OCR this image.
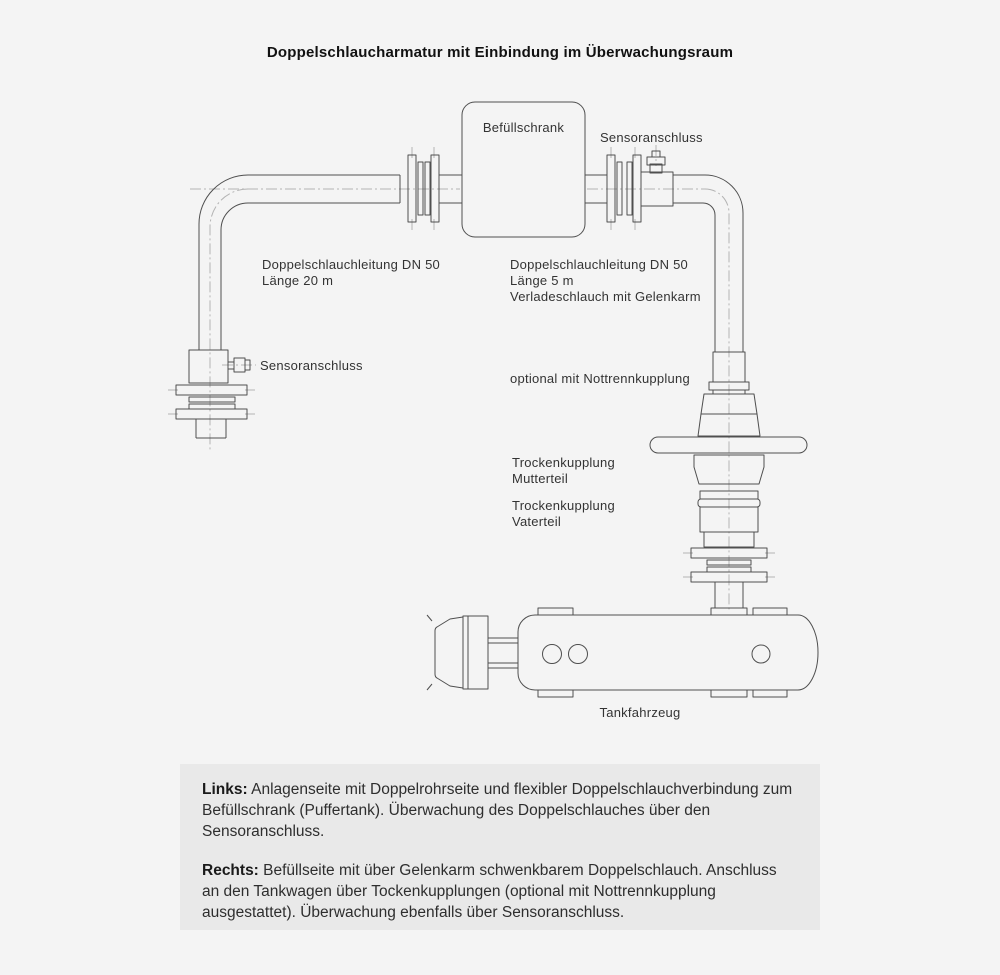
Doppelschlaucharmatur mit Einbindung im Überwachungsraum
Befüllschrank
Sensoranschluss
Doppelschlauchleitung DN 50
Länge 20 m
Sensoranschluss
Doppelschlauchleitung DN 50
Länge 5 m
Verladeschlauch mit Gelenkarm
optional mit Nottrennkupplung
Trockenkupplung
Mutterteil
Trockenkupplung
Vaterteil
Tankfahrzeug

Links: Anlagenseite mit Doppelrohrseite und flexibler Doppelschlauchverbindung zum Befüllschrank (Puffertank). Überwachung des Doppelschlauches über den Sensoranschluss.

Rechts: Befüllseite mit über Gelenkarm schwenkbarem Doppelschlauch. Anschluss an den Tankwagen über Tockenkupplungen (optional mit Nottrennkupplung ausgestattet). Überwachung ebenfalls über Sensoranschluss.
